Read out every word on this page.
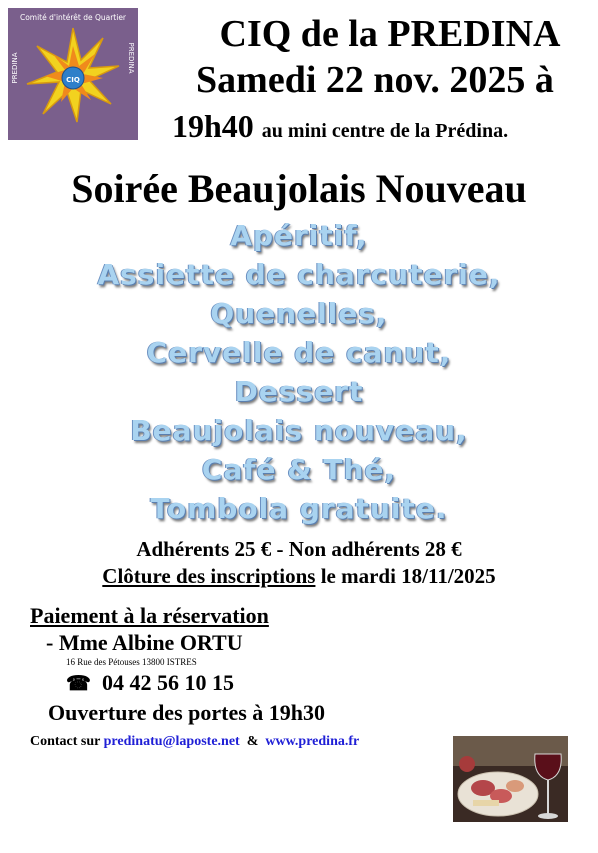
CIQ
Comité d'intérêt de Quartier
PREDINA	PREDINA
CIQ de la PREDINA
Samedi 22 nov. 2025 à
19h40 au mini centre de la Prédina.
Soirée Beaujolais Nouveau
Apéritif,
Assiette de charcuterie,
Quenelles,
Cervelle de canut,
Dessert
Beaujolais nouveau,
Café & Thé,
Tombola gratuite.
Adhérents 25 € - Non adhérents 28 €
Clôture des inscriptions le mardi 18/11/2025
Paiement à la réservation
- Mme Albine ORTU
16 Rue des Pétouses 13800 ISTRES
☎ 04 42 56 10 15
Ouverture des portes à 19h30
Contact sur predinatu@laposte.net  &  www.predina.fr
